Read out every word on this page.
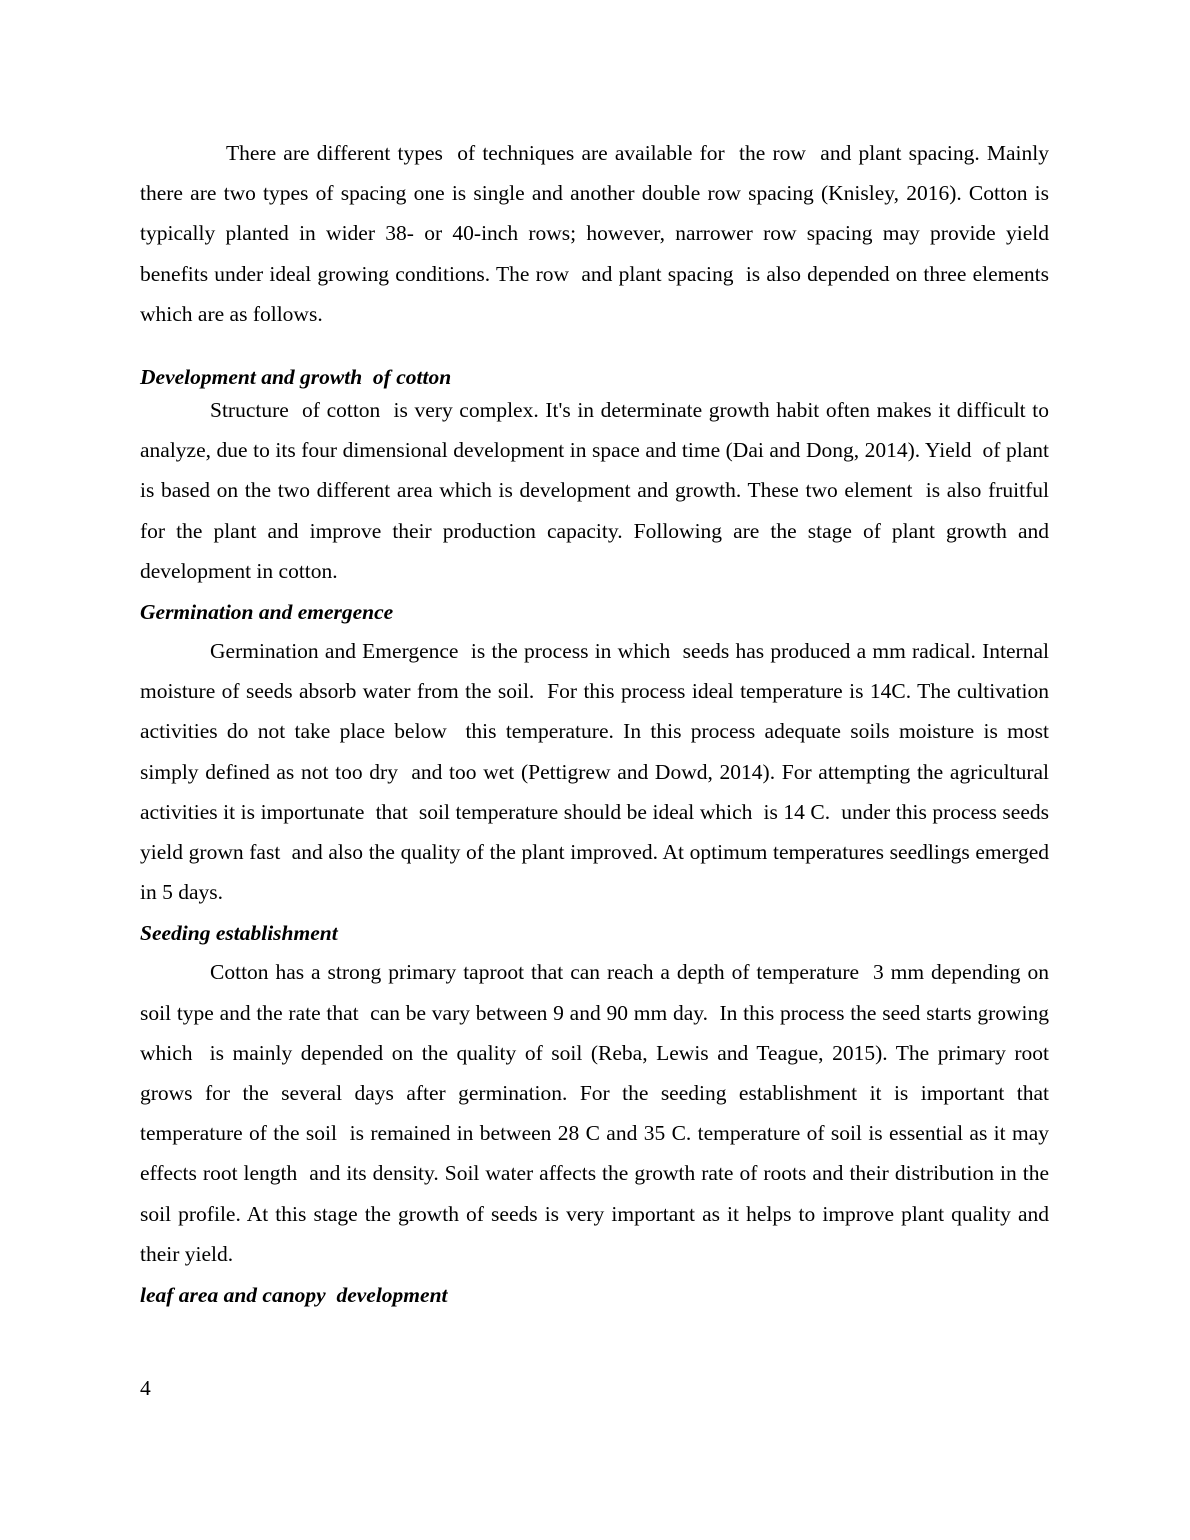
There are different types  of techniques are available for  the row  and plant spacing. Mainly there are two types of spacing one is single and another double row spacing (Knisley, 2016). Cotton is typically planted in wider 38- or 40-inch rows; however, narrower row spacing may provide yield benefits under ideal growing conditions. The row  and plant spacing  is also depended on three elements which are as follows.

Development and growth  of cotton

Structure  of cotton  is very complex. It's in determinate growth habit often makes it difficult to analyze, due to its four dimensional development in space and time (Dai and Dong, 2014). Yield  of plant is based on the two different area which is development and growth. These two element  is also fruitful for the plant and improve their production capacity. Following are the stage of plant growth and development in cotton.

Germination and emergence

Germination and Emergence  is the process in which  seeds has produced a mm radical. Internal moisture of seeds absorb water from the soil.  For this process ideal temperature is 14C. The cultivation activities do not take place below  this temperature. In this process adequate soils moisture is most simply defined as not too dry  and too wet (Pettigrew and Dowd, 2014). For attempting the agricultural activities it is importunate  that  soil temperature should be ideal which  is 14 C.  under this process seeds yield grown fast  and also the quality of the plant improved. At optimum temperatures seedlings emerged in 5 days.

Seeding establishment

Cotton has a strong primary taproot that can reach a depth of temperature  3 mm depending on soil type and the rate that  can be vary between 9 and 90 mm day.  In this process the seed starts growing which  is mainly depended on the quality of soil (Reba, Lewis and Teague, 2015). The primary root grows for the several days after germination. For the seeding establishment it is important that temperature of the soil  is remained in between 28 C and 35 C. temperature of soil is essential as it may effects root length  and its density. Soil water affects the growth rate of roots and their distribution in the soil profile. At this stage the growth of seeds is very important as it helps to improve plant quality and their yield.

leaf area and canopy  development
4
